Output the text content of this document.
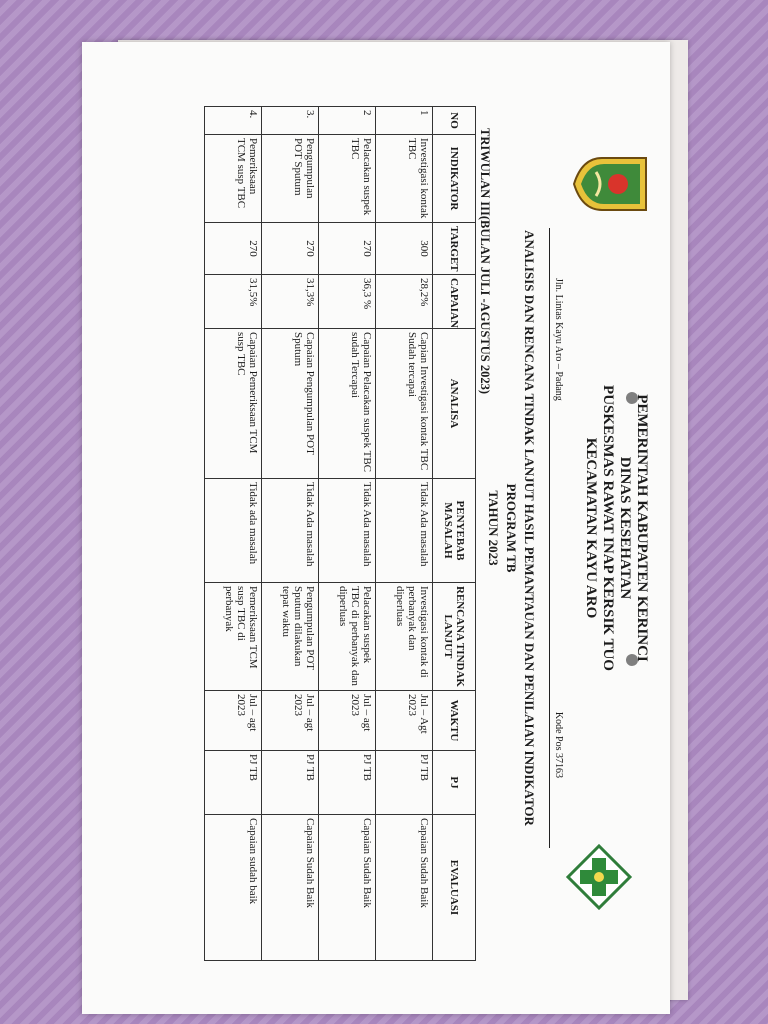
PEMERINTAH KABUPATEN KERINCI
DINAS KESEHATAN
PUSKESMAS RAWAT INAP KERSIK TUO
KECAMATAN KAYU ARO
Jln. Lintas Kayu Aro – Padang
Kode Pos 37163
ANALISIS DAN RENCANA TINDAK LANJUT HASIL PEMANTAUAN DAN PENILAIAN INDIKATOR PROGRAM TB
TAHUN 2023
TRIWULAN III(BULAN JULI -AGUSTUS 2023)
NO	INDIKATOR	TARGET	CAPAIAN	ANALISA	PENYEBAB MASALAH	RENCANA TINDAK LANJUT	WAKTU	PJ	EVALUASI
1	Investigasi kontak TBC	300	28,2%	Capian Investigasi kontak TBC Sudah tercapai	Tidak Ada masalah	Investigasi kontak di perbanyak dan diperluas	Jul – Agt 2023	PJ TB	Capaian Sudah Baik
2	Pelacakan suspek TBC	270	36,3 %	Capaian Pelacakan suspek TBC sudah Tercapai	Tidak Ada masalah	Pelacakan suspek TBC di perbanyak dan diperluas	Jul – agt 2023	PJ TB	Capaian Sudah Baik
3.	Pengumpulan POT Sputum	270	31,3%	Capaian Pengumpulan POT Sputum	Tidak Ada masalah	Pengumpulan POT Sputum dilakukan tepat waktu	Jul – agt 2023	PJ TB	Capaian Sudah Baik
4.	Pemeriksaan TCM susp TBC	270	31,5%	Capaian Pemeriksaan TCM susp TBC	Tidak ada masalah	Pemeriksaan TCM susp TBC di perbanyak	Jul – agt 2023	PJ TB	Capaian sudah baik
